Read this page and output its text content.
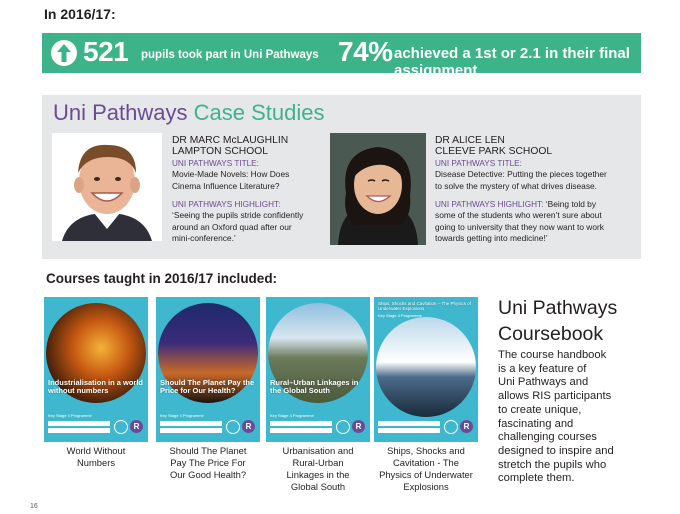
In 2016/17:
521 pupils took part in Uni Pathways 74% achieved a 1st or 2.1 in their final assignment
Uni Pathways Case Studies
DR MARC McLAUGHLIN
LAMPTON SCHOOL
UNI PATHWAYS TITLE:
Movie-Made Novels: How Does
Cinema Influence Literature?
UNI PATHWAYS HIGHLIGHT:
‘Seeing the pupils stride confidently
around an Oxford quad after our
mini-conference.’
DR ALICE LEN
CLEEVE PARK SCHOOL
UNI PATHWAYS TITLE:
Disease Detective: Putting the pieces together
to solve the mystery of what drives disease.
UNI PATHWAYS HIGHLIGHT: ‘Being told by
some of the students who weren’t sure about
going to university that they now want to work
towards getting into medicine!’
Courses taught in 2016/17 included:
Industrialisation in a world without numbers
Key Stage 4 Programme
R
Should The Planet Pay the Price for Our Health?
Key Stage 4 Programme
R
Rural–Urban Linkages in the Global South
Key Stage 4 Programme
R
Ships, Shocks and Cavitation – The Physics of Underwater Explosions
Key Stage 4 Programme
R
World Without
Numbers
Should The Planet
Pay The Price For
Our Good Health?
Urbanisation and
Rural-Urban
Linkages in the
Global South
Ships, Shocks and
Cavitation - The
Physics of Underwater
Explosions
Uni Pathways
Coursebook
The course handbook
is a key feature of
Uni Pathways and
allows RIS participants
to create unique,
fascinating and
challenging courses
designed to inspire and
stretch the pupils who
complete them.
16
